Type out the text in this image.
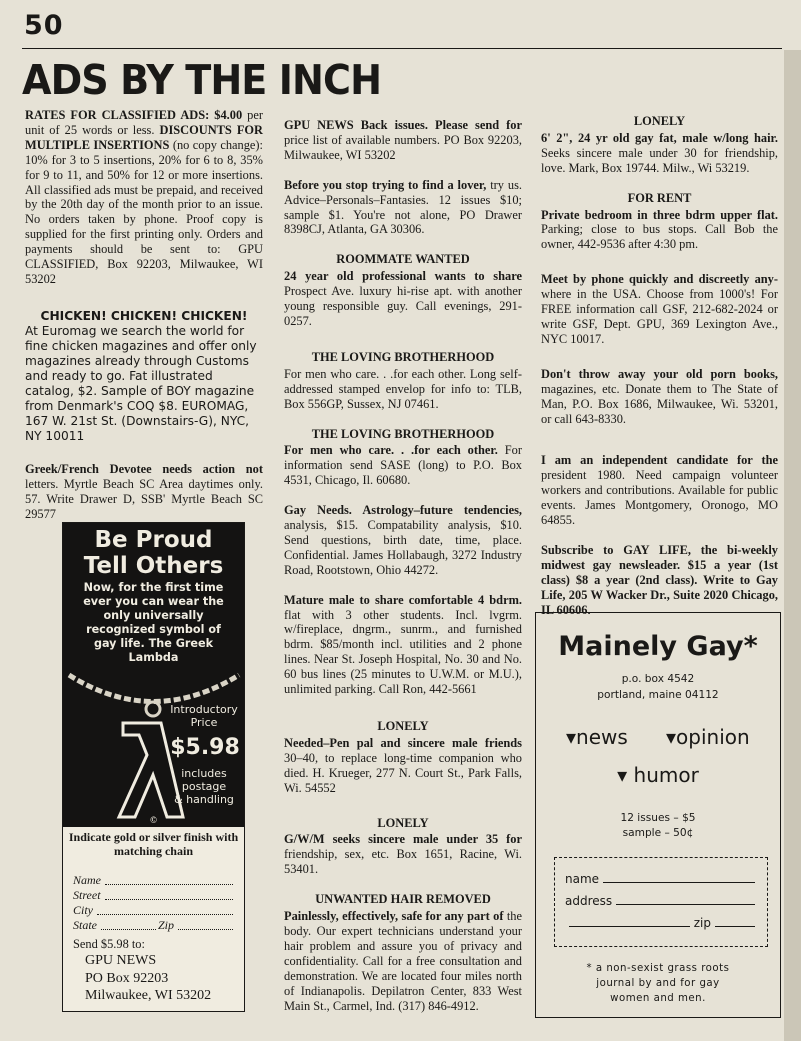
50
ADS BY THE INCH

RATES FOR CLASSIFIED ADS: $4.00 per unit of 25 words or less. DISCOUNTS FOR MULTIPLE INSERTIONS (no copy change): 10% for 3 to 5 insertions, 20% for 6 to 8, 35% for 9 to 11, and 50% for 12 or more insertions. All classified ads must be prepaid, and received by the 20th day of the month prior to an issue. No orders taken by phone. Proof copy is supplied for the first printing only. Orders and payments should be sent to: GPU CLASSIFIED, Box 92203, Milwaukee, WI 53202

CHICKEN! CHICKEN! CHICKEN!
At Euromag we search the world for fine chicken magazines and offer only magazines already through Customs and ready to go. Fat illustrated catalog, $2. Sample of BOY magazine from Denmark's COQ $8. EUROMAG, 167 W. 21st St. (Downstairs-G), NYC, NY 10011

Greek/French Devotee needs action not letters. Myrtle Beach SC Area daytimes only. 57. Write Drawer D, SSB' Myrtle Beach SC 29577

Be Proud
Tell Others
Now, for the first time ever you can wear the only universally recognized symbol of gay life. The Greek Lambda
Introductory
Price
$5.98
includes
postage
& handling
©
Indicate gold or silver finish with matching chain
Name
Street
City
State	Zip
Send $5.98 to:
GPU NEWS
PO Box 92203
Milwaukee, WI 53202

GPU NEWS Back issues. Please send for price list of available numbers. PO Box 92203, Milwaukee, WI 53202

Before you stop trying to find a lover, try us. Advice–Personals–Fantasies. 12 issues $10; sample $1. You're not alone, PO Drawer 8398CJ, Atlanta, GA 30306.

ROOMMATE WANTED

24 year old professional wants to share Prospect Ave. luxury hi-rise apt. with another young responsible guy. Call evenings, 291-0257.

THE LOVING BROTHERHOOD

For men who care. . .for each other. Long self-addressed stamped envelop for info to: TLB, Box 556GP, Sussex, NJ 07461.

THE LOVING BROTHERHOOD

For men who care. . .for each other. For information send SASE (long) to P.O. Box 4531, Chicago, Il. 60680.

Gay Needs. Astrology–future tendencies, analysis, $15. Compatability analysis, $10. Send questions, birth date, time, place. Confidential. James Hollabaugh, 3272 Industry Road, Rootstown, Ohio 44272.

Mature male to share comfortable 4 bdrm. flat with 3 other students. Incl. lvgrm. w/fireplace, dngrm., sunrm., and furnished bdrm. $85/month incl. utilities and 2 phone lines. Near St. Joseph Hospital, No. 30 and No. 60 bus lines (25 minutes to U.W.M. or M.U.), unlimited parking. Call Ron, 442-5661

LONELY

Needed–Pen pal and sincere male friends 30–40, to replace long-time companion who died. H. Krueger, 277 N. Court St., Park Falls, Wi. 54552

LONELY

G/W/M seeks sincere male under 35 for friendship, sex, etc. Box 1651, Racine, Wi. 53401.

UNWANTED HAIR REMOVED

Painlessly, effectively, safe for any part of the body. Our expert technicians understand your hair problem and assure you of privacy and confidentiality. Call for a free consultation and demonstration. We are located four miles north of Indianapolis. Depilatron Center, 833 West Main St., Carmel, Ind. (317) 846-4912.

LONELY

6' 2", 24 yr old gay fat, male w/long hair. Seeks sincere male under 30 for friendship, love. Mark, Box 19744. Milw., Wi 53219.

FOR RENT

Private bedroom in three bdrm upper flat. Parking; close to bus stops. Call Bob the owner, 442-9536 after 4:30 pm.

Meet by phone quickly and discreetly any-where in the USA. Choose from 1000's! For FREE information call GSF, 212-682-2024 or write GSF, Dept. GPU, 369 Lexington Ave., NYC 10017.

Don't throw away your old porn books, magazines, etc. Donate them to The State of Man, P.O. Box 1686, Milwaukee, Wi. 53201, or call 643-8330.

I am an independent candidate for the president 1980. Need campaign volunteer workers and contributions. Available for public events. James Montgomery, Oronogo, MO 64855.

Subscribe to GAY LIFE, the bi-weekly midwest gay newsleader. $15 a year (1st class) $8 a year (2nd class). Write to Gay Life, 205 W Wacker Dr., Suite 2020 Chicago, IL 60606.

Mainely Gay*
p.o. box 4542
portland, maine 04112
▾news ▾opinion
▾ humor
12 issues – $5
sample – 50¢
name
address
zip
* a non-sexist grass roots
journal by and for gay
women and men.
